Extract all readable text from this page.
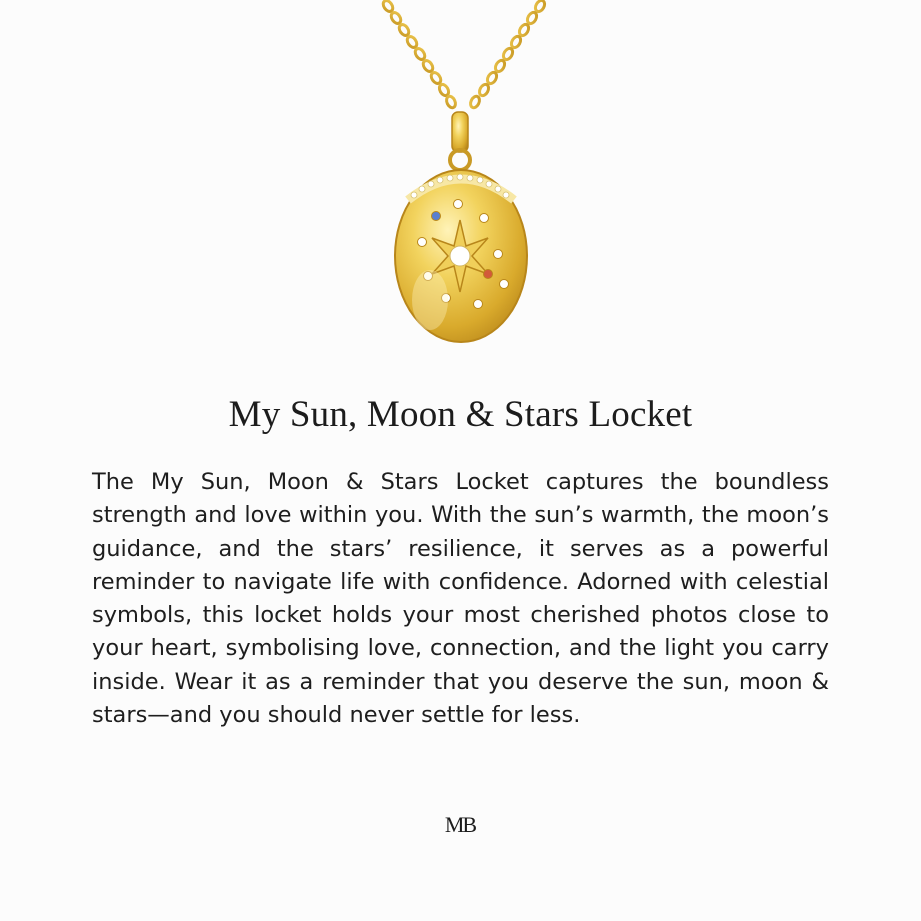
My Sun, Moon & Stars Locket

The My Sun, Moon & Stars Locket captures the boundless strength and love within you. With the sun’s warmth, the moon’s guidance, and the stars’ resilience, it serves as a powerful reminder to navigate life with confidence. Adorned with celestial symbols, this locket holds your most cherished photos close to your heart, symbolising love, connection, and the light you carry inside. Wear it as a reminder that you deserve the sun, moon & stars—and you should never settle for less.

MB
